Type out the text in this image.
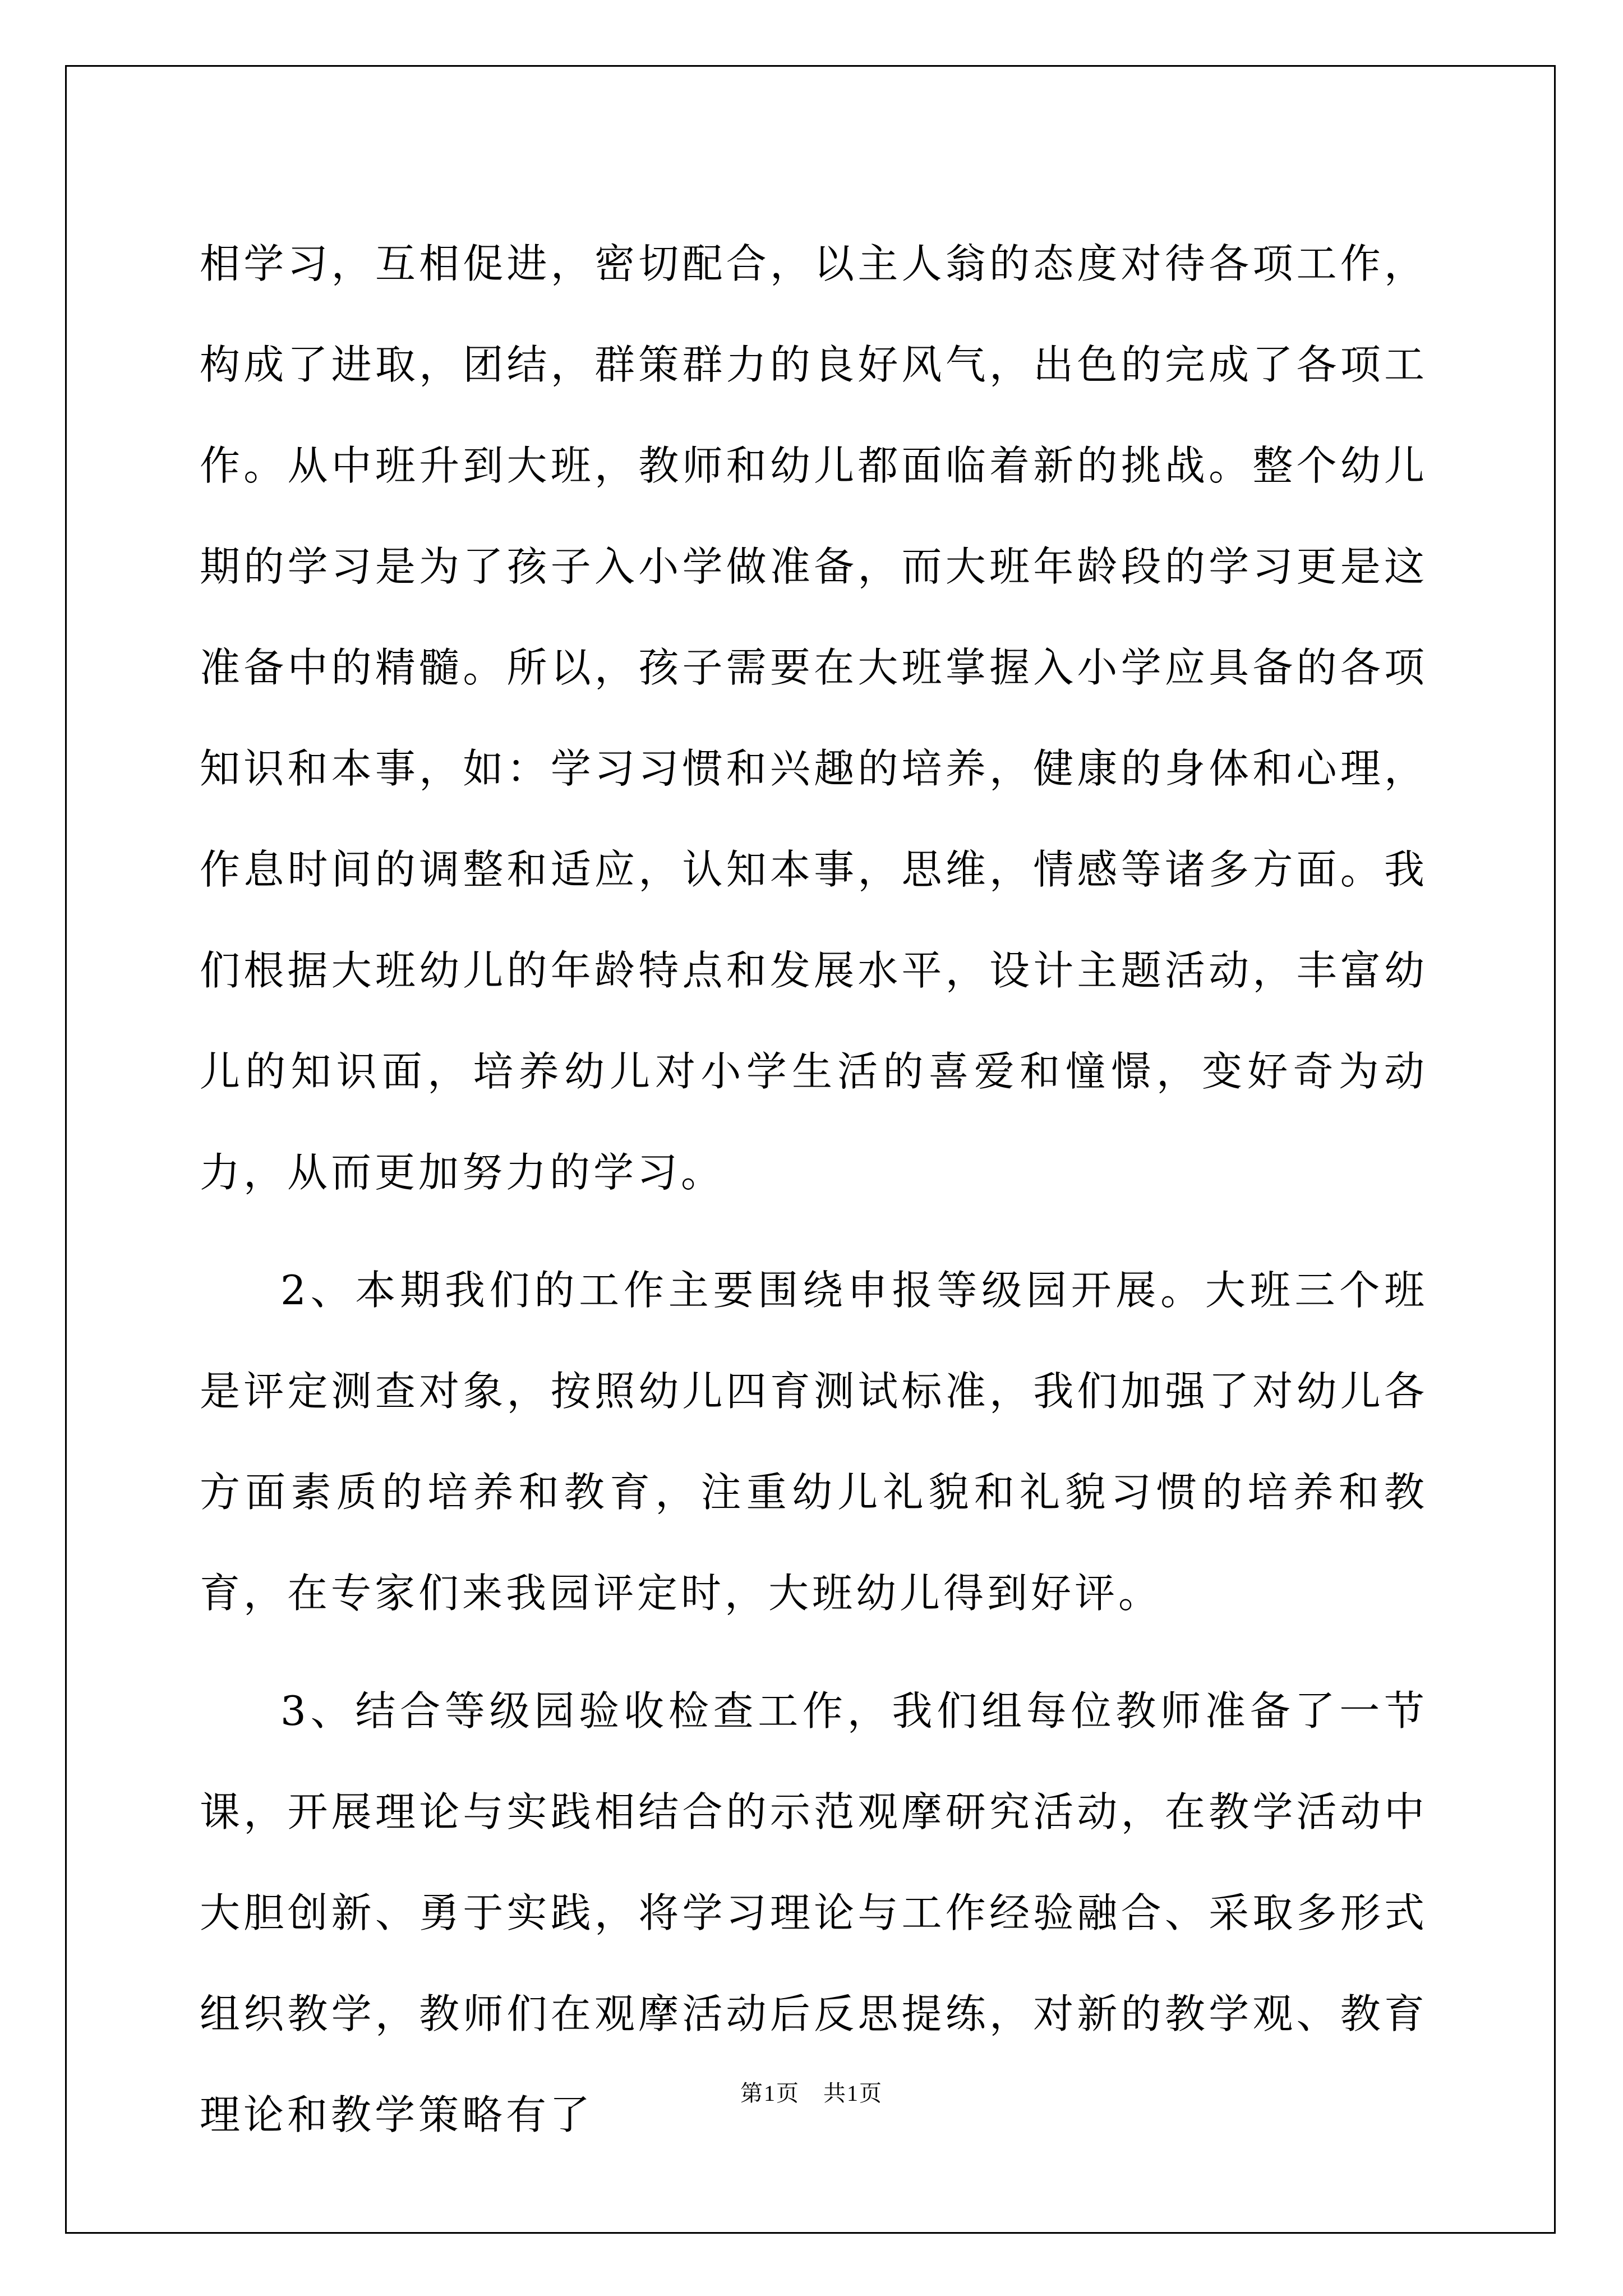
相学习，互相促进，密切配合，以主人翁的态度对待各项工作，构成了进取，团结，群策群力的良好风气，出色的完成了各项工作。从中班升到大班，教师和幼儿都面临着新的挑战。整个幼儿期的学习是为了孩子入小学做准备，而大班年龄段的学习更是这准备中的精髓。所以，孩子需要在大班掌握入小学应具备的各项知识和本事，如：学习习惯和兴趣的培养，健康的身体和心理，作息时间的调整和适应，认知本事，思维，情感等诸多方面。我们根据大班幼儿的年龄特点和发展水平，设计主题活动，丰富幼儿的知识面，培养幼儿对小学生活的喜爱和憧憬，变好奇为动力，从而更加努力的学习。

2、本期我们的工作主要围绕申报等级园开展。大班三个班是评定测查对象，按照幼儿四育测试标准，我们加强了对幼儿各方面素质的培养和教育，注重幼儿礼貌和礼貌习惯的培养和教育，在专家们来我园评定时，大班幼儿得到好评。

3、结合等级园验收检查工作，我们组每位教师准备了一节课，开展理论与实践相结合的示范观摩研究活动，在教学活动中大胆创新、勇于实践，将学习理论与工作经验融合、采取多形式组织教学，教师们在观摩活动后反思提练，对新的教学观、教育理论和教学策略有了	第1页　共1页
